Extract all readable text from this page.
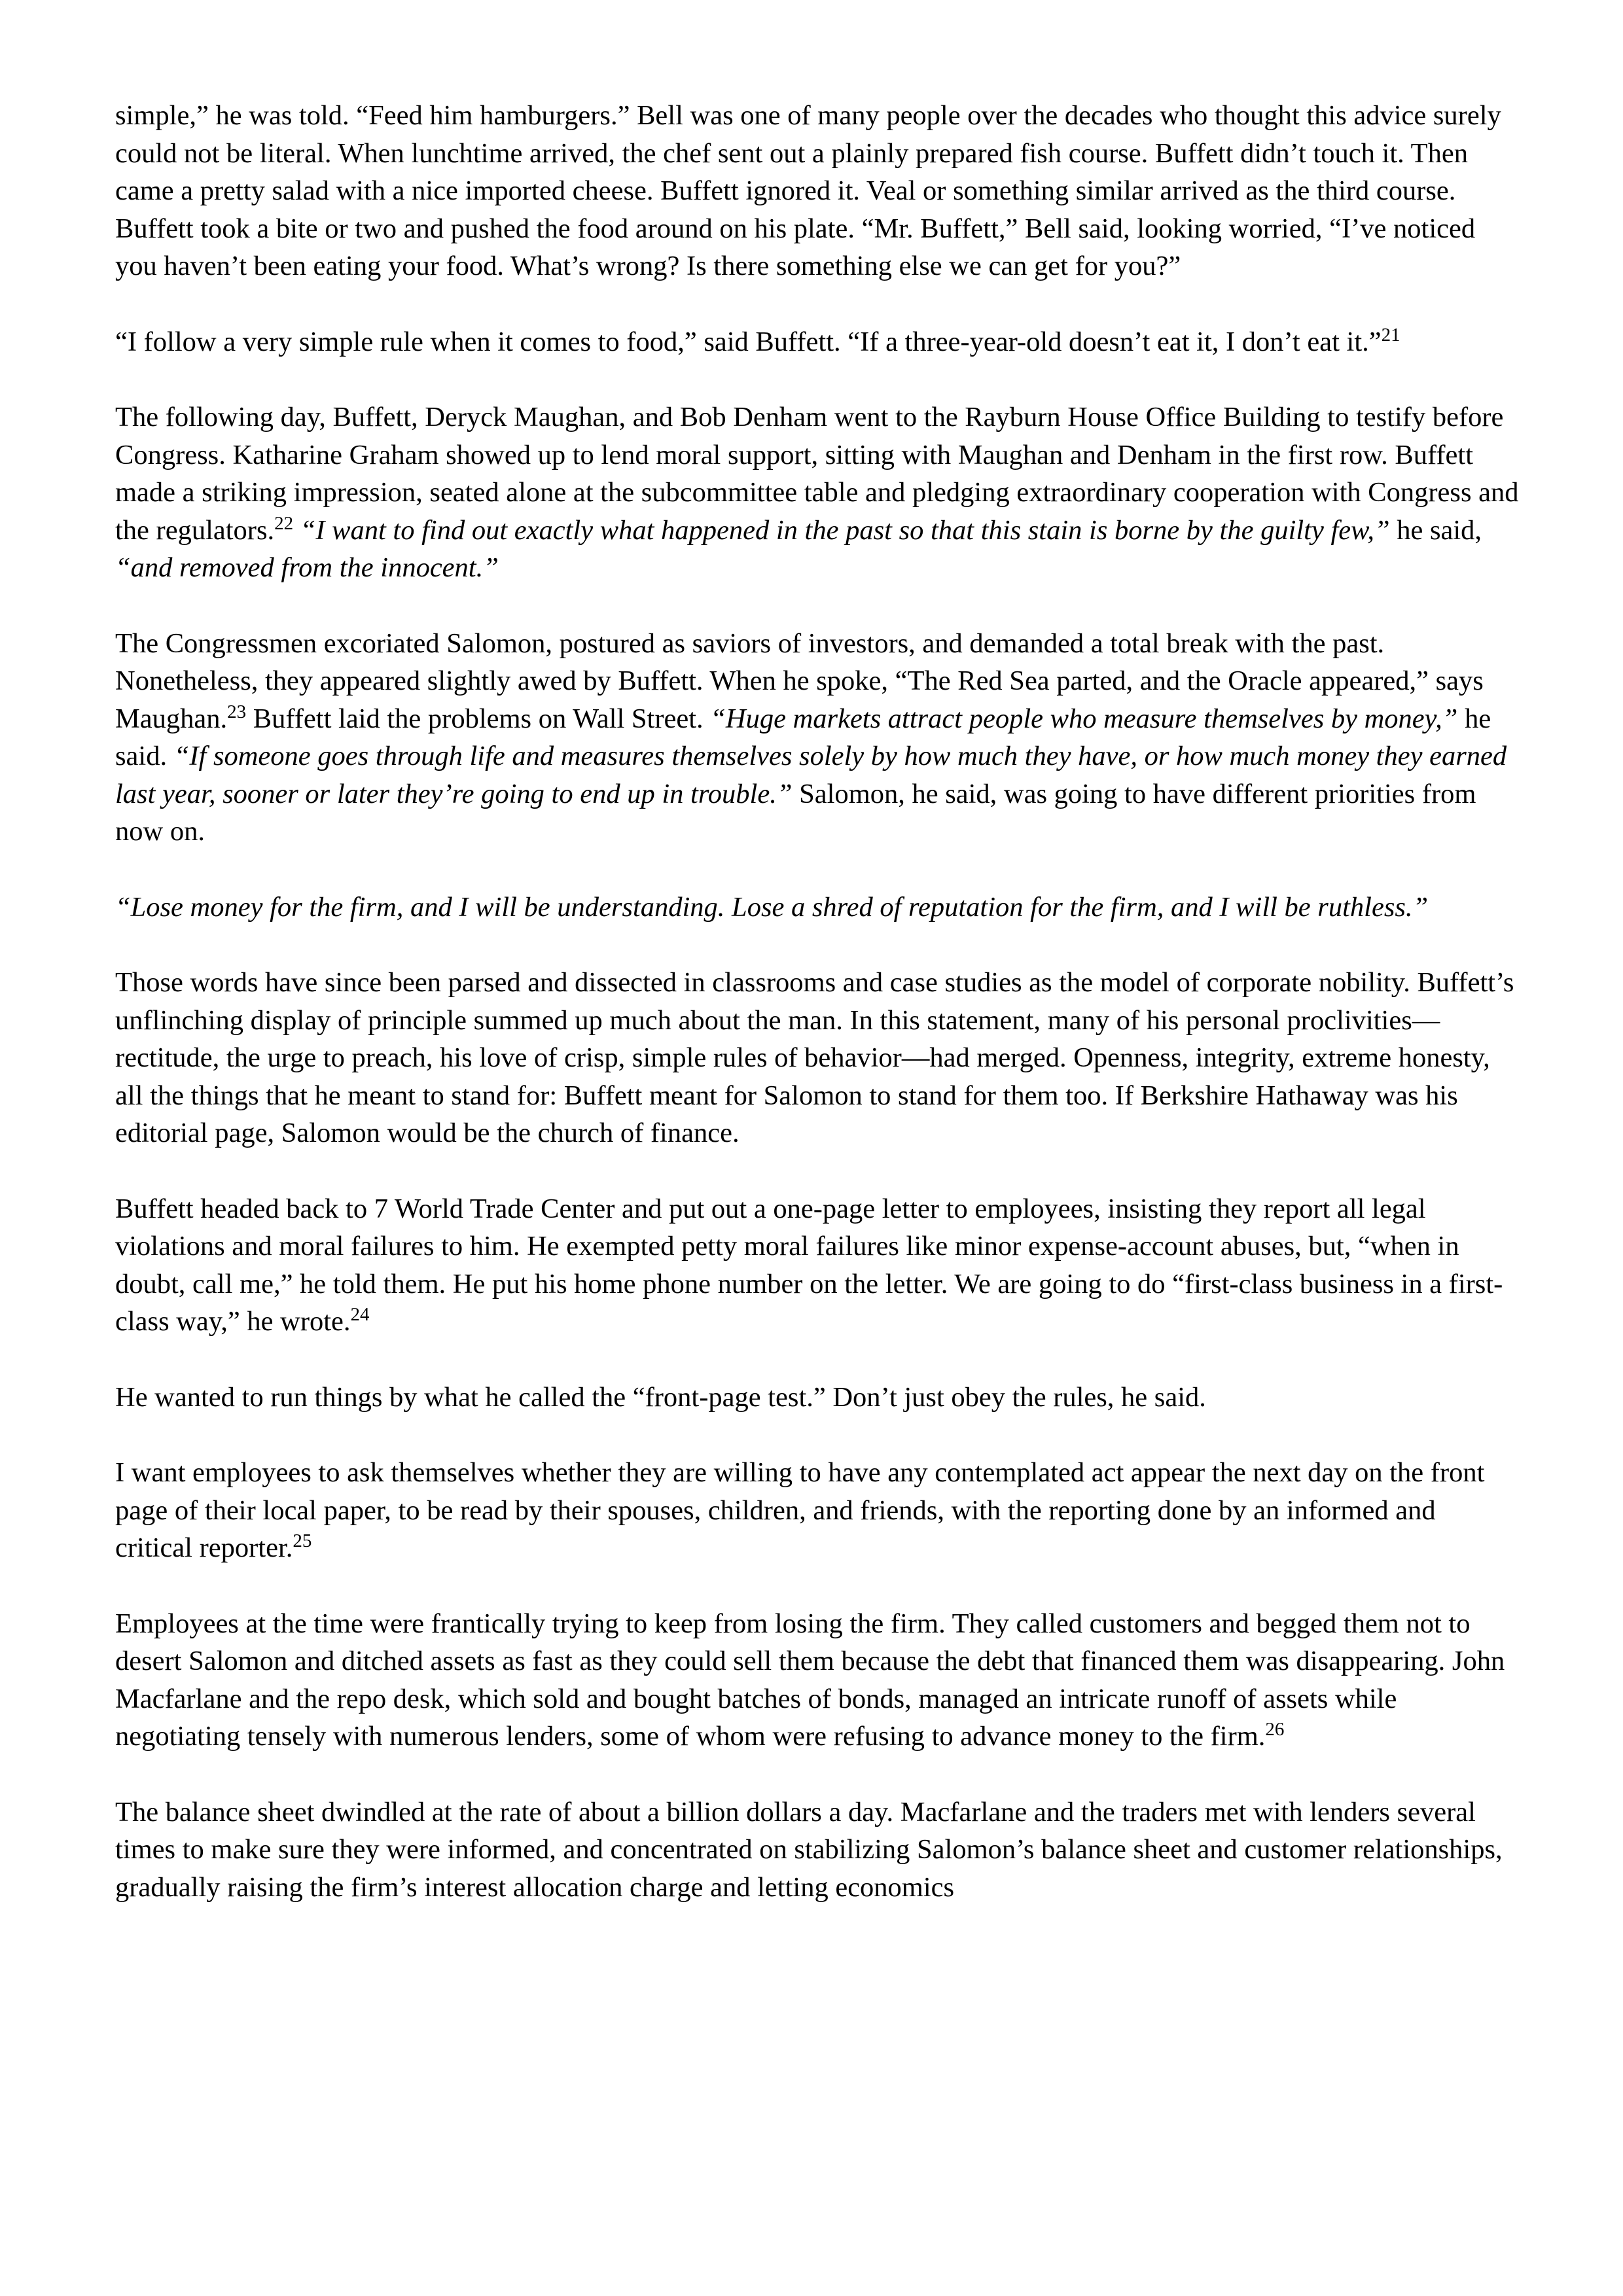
simple,” he was told. “Feed him hamburgers.” Bell was one of many people over the decades who thought this advice surely could not be literal. When lunchtime arrived, the chef sent out a plainly prepared fish course. Buffett didn’t touch it. Then came a pretty salad with a nice imported cheese. Buffett ignored it. Veal or something similar arrived as the third course. Buffett took a bite or two and pushed the food around on his plate. “Mr. Buffett,” Bell said, looking worried, “I’ve noticed you haven’t been eating your food. What’s wrong? Is there something else we can get for you?”

“I follow a very simple rule when it comes to food,” said Buffett. “If a three-year-old doesn’t eat it, I don’t eat it.”$^{21}$

The following day, Buffett, Deryck Maughan, and Bob Denham went to the Rayburn House Office Building to testify before Congress. Katharine Graham showed up to lend moral support, sitting with Maughan and Denham in the first row. Buffett made a striking impression, seated alone at the subcommittee table and pledging extraordinary cooperation with Congress and the regulators.$^{22}$ “I want to find out exactly what happened in the past so that this stain is borne by the guilty few,” he said, “and removed from the innocent.”

The Congressmen excoriated Salomon, postured as saviors of investors, and demanded a total break with the past. Nonetheless, they appeared slightly awed by Buffett. When he spoke, “The Red Sea parted, and the Oracle appeared,” says Maughan.$^{23}$ Buffett laid the problems on Wall Street. “Huge markets attract people who measure themselves by money,” he said. “If someone goes through life and measures themselves solely by how much they have, or how much money they earned last year, sooner or later they’re going to end up in trouble.” Salomon, he said, was going to have different priorities from now on.

“Lose money for the firm, and I will be understanding. Lose a shred of reputation for the firm, and I will be ruthless.”

Those words have since been parsed and dissected in classrooms and case studies as the model of corporate nobility. Buffett’s unflinching display of principle summed up much about the man. In this statement, many of his personal proclivities—rectitude, the urge to preach, his love of crisp, simple rules of behavior—had merged. Openness, integrity, extreme honesty, all the things that he meant to stand for: Buffett meant for Salomon to stand for them too. If Berkshire Hathaway was his editorial page, Salomon would be the church of finance.

Buffett headed back to 7 World Trade Center and put out a one-page letter to employees, insisting they report all legal violations and moral failures to him. He exempted petty moral failures like minor expense-account abuses, but, “when in doubt, call me,” he told them. He put his home phone number on the letter. We are going to do “first-class business in a first-class way,” he wrote.$^{24}$

He wanted to run things by what he called the “front-page test.” Don’t just obey the rules, he said.

I want employees to ask themselves whether they are willing to have any contemplated act appear the next day on the front page of their local paper, to be read by their spouses, children, and friends, with the reporting done by an informed and critical reporter.$^{25}$

Employees at the time were frantically trying to keep from losing the firm. They called customers and begged them not to desert Salomon and ditched assets as fast as they could sell them because the debt that financed them was disappearing. John Macfarlane and the repo desk, which sold and bought batches of bonds, managed an intricate runoff of assets while negotiating tensely with numerous lenders, some of whom were refusing to advance money to the firm.$^{26}$

The balance sheet dwindled at the rate of about a billion dollars a day. Macfarlane and the traders met with lenders several times to make sure they were informed, and concentrated on stabilizing Salomon’s balance sheet and customer relationships, gradually raising the firm’s interest allocation charge and letting economics
